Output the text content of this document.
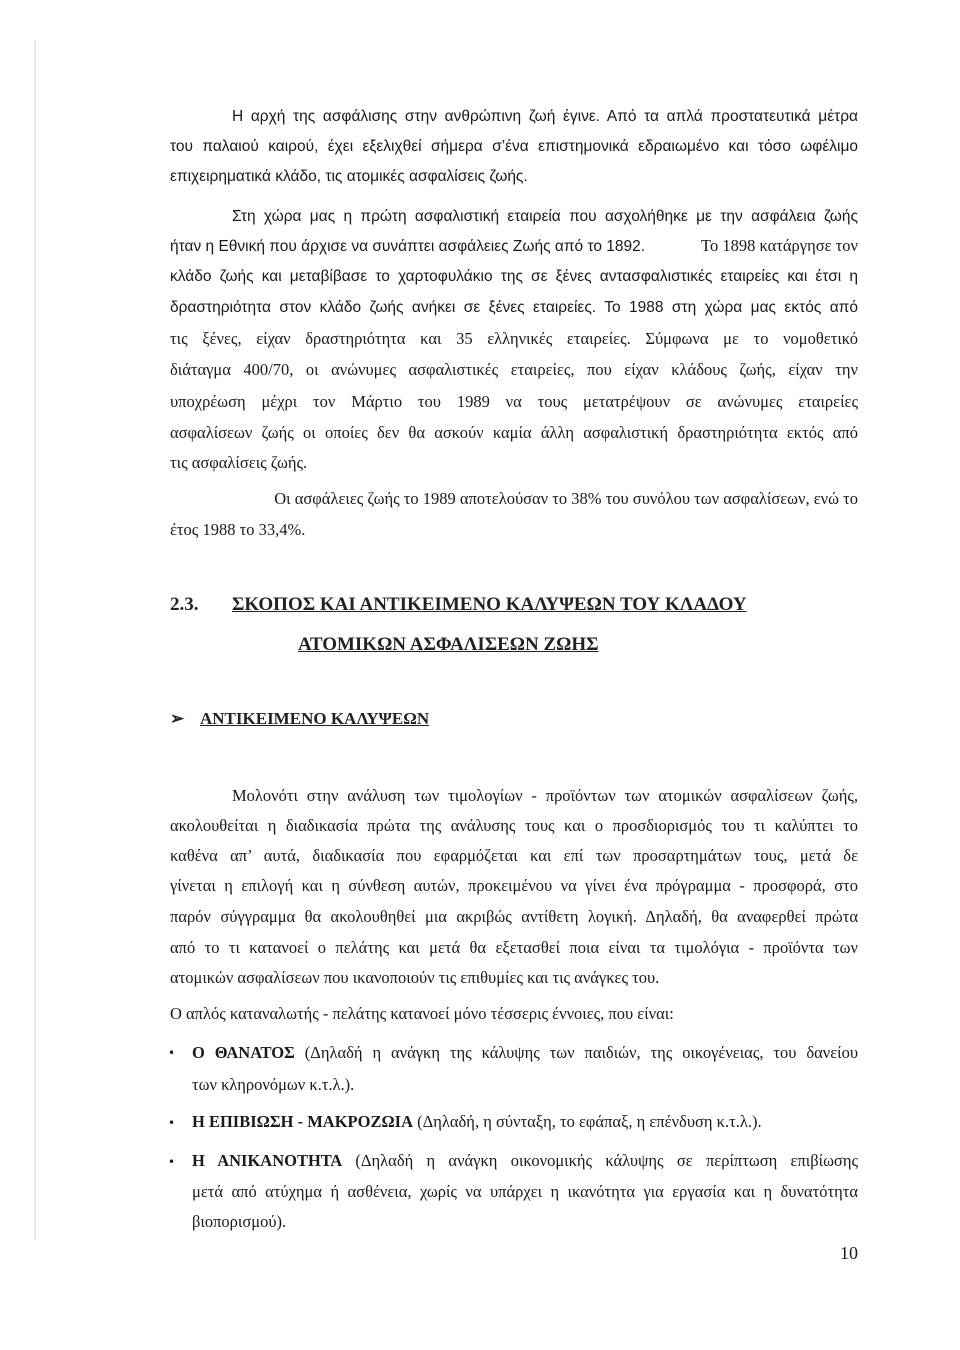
Η αρχή της ασφάλισης στην ανθρώπινη ζωή έγινε. Από τα απλά προστατευτικά μέτρα

του παλαιού καιρού, έχει εξελιχθεί σήμερα σ’ένα επιστημονικά εδραιωμένο και τόσο ωφέλιμο

επιχειρηματικά κλάδο, τις ατομικές ασφαλίσεις ζωής.

Στη χώρα μας η πρώτη ασφαλιστική εταιρεία που ασχολήθηκε με την ασφάλεια ζωής

ήταν η Εθνική που άρχισε να συνάπτει ασφάλειες Ζωής από το 1892.	Το 1898 κατάργησε τον

κλάδο ζωής και μεταβίβασε το χαρτοφυλάκιο της σε ξένες αντασφαλιστικές εταιρείες και έτσι η

δραστηριότητα στον κλάδο ζωής ανήκει σε ξένες εταιρείες. Το 1988 στη χώρα μας εκτός από

τις ξένες, είχαν δραστηριότητα και 35 ελληνικές εταιρείες. Σύμφωνα με το νομοθετικό

διάταγμα 400/70, οι ανώνυμες ασφαλιστικές εταιρείες, που είχαν κλάδους ζωής, είχαν την

υποχρέωση μέχρι τον Μάρτιο του 1989 να τους μετατρέψουν σε ανώνυμες εταιρείες

ασφαλίσεων ζωής οι οποίες δεν θα ασκούν καμία άλλη ασφαλιστική δραστηριότητα εκτός από

τις ασφαλίσεις ζωής.

Οι ασφάλειες ζωής το 1989 αποτελούσαν το 38% του συνόλου των ασφαλίσεων, ενώ το

έτος 1988 το 33,4%.

2.3. ΣΚΟΠΟΣ ΚΑΙ ΑΝΤΙΚΕΙΜΕΝΟ ΚΑΛΥΨΕΩΝ ΤΟΥ ΚΛΑΔΟΥ

ΑΤΟΜΙΚΩΝ ΑΣΦΑΛΙΣΕΩΝ ΖΩΗΣ

➢ ΑΝΤΙΚΕΙΜΕΝΟ ΚΑΛΥΨΕΩΝ

Μολονότι στην ανάλυση των τιμολογίων - προϊόντων των ατομικών ασφαλίσεων ζωής,

ακολουθείται η διαδικασία πρώτα της ανάλυσης τους και ο προσδιορισμός του τι καλύπτει το

καθένα απ’ αυτά, διαδικασία που εφαρμόζεται και επί των προσαρτημάτων τους, μετά δε

γίνεται η επιλογή και η σύνθεση αυτών, προκειμένου να γίνει ένα πρόγραμμα - προσφορά, στο

παρόν σύγγραμμα θα ακολουθηθεί μια ακριβώς αντίθετη λογική. Δηλαδή, θα αναφερθεί πρώτα

από το τι κατανοεί ο πελάτης και μετά θα εξετασθεί ποια είναι τα τιμολόγια - προϊόντα των

ατομικών ασφαλίσεων που ικανοποιούν τις επιθυμίες και τις ανάγκες του.

Ο απλός καταναλωτής - πελάτης κατανοεί μόνο τέσσερις έννοιες, που είναι:

• Ο ΘΑΝΑΤΟΣ (Δηλαδή η ανάγκη της κάλυψης των παιδιών, της οικογένειας, του δανείου

των κληρονόμων κ.τ.λ.).

• Η ΕΠΙΒΙΩΣΗ - ΜΑΚΡΟΖΩΙΑ (Δηλαδή, η σύνταξη, το εφάπαξ, η επένδυση κ.τ.λ.).

• Η ΑΝΙΚΑΝΟΤΗΤΑ (Δηλαδή η ανάγκη οικονομικής κάλυψης σε περίπτωση επιβίωσης

μετά από ατύχημα ή ασθένεια, χωρίς να υπάρχει η ικανότητα για εργασία και η δυνατότητα

βιοπορισμού).

10
